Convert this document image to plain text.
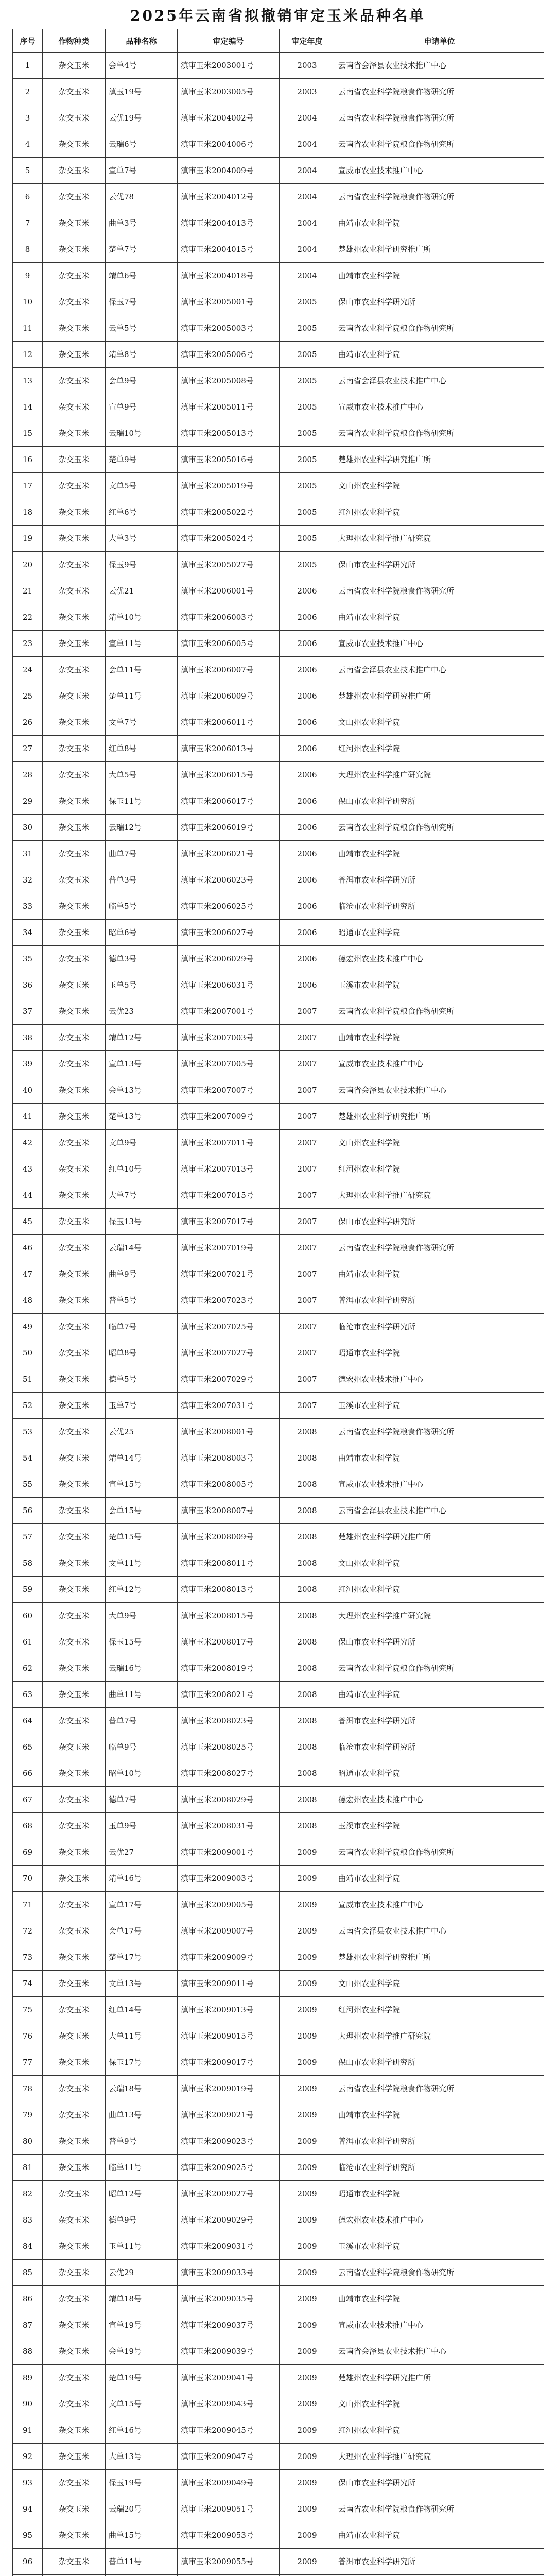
2025年云南省拟撤销审定玉米品种名单
序号	作物种类	品种名称	审定编号	审定年度	申请单位
1	杂交玉米	会单4号	滇审玉米2003001号	2003	云南省会泽县农业技术推广中心
2	杂交玉米	滇玉19号	滇审玉米2003005号	2003	云南省农业科学院粮食作物研究所
3	杂交玉米	云优19号	滇审玉米2004002号	2004	云南省农业科学院粮食作物研究所
4	杂交玉米	云瑞6号	滇审玉米2004006号	2004	云南省农业科学院粮食作物研究所
5	杂交玉米	宣单7号	滇审玉米2004009号	2004	宣威市农业技术推广中心
6	杂交玉米	云优78	滇审玉米2004012号	2004	云南省农业科学院粮食作物研究所
7	杂交玉米	曲单3号	滇审玉米2004013号	2004	曲靖市农业科学院
8	杂交玉米	楚单7号	滇审玉米2004015号	2004	楚雄州农业科学研究推广所
9	杂交玉米	靖单6号	滇审玉米2004018号	2004	曲靖市农业科学院
10	杂交玉米	保玉7号	滇审玉米2005001号	2005	保山市农业科学研究所
11	杂交玉米	云单5号	滇审玉米2005003号	2005	云南省农业科学院粮食作物研究所
12	杂交玉米	靖单8号	滇审玉米2005006号	2005	曲靖市农业科学院
13	杂交玉米	会单9号	滇审玉米2005008号	2005	云南省会泽县农业技术推广中心
14	杂交玉米	宣单9号	滇审玉米2005011号	2005	宣威市农业技术推广中心
15	杂交玉米	云瑞10号	滇审玉米2005013号	2005	云南省农业科学院粮食作物研究所
16	杂交玉米	楚单9号	滇审玉米2005016号	2005	楚雄州农业科学研究推广所
17	杂交玉米	文单5号	滇审玉米2005019号	2005	文山州农业科学院
18	杂交玉米	红单6号	滇审玉米2005022号	2005	红河州农业科学院
19	杂交玉米	大单3号	滇审玉米2005024号	2005	大理州农业科学推广研究院
20	杂交玉米	保玉9号	滇审玉米2005027号	2005	保山市农业科学研究所
21	杂交玉米	云优21	滇审玉米2006001号	2006	云南省农业科学院粮食作物研究所
22	杂交玉米	靖单10号	滇审玉米2006003号	2006	曲靖市农业科学院
23	杂交玉米	宣单11号	滇审玉米2006005号	2006	宣威市农业技术推广中心
24	杂交玉米	会单11号	滇审玉米2006007号	2006	云南省会泽县农业技术推广中心
25	杂交玉米	楚单11号	滇审玉米2006009号	2006	楚雄州农业科学研究推广所
26	杂交玉米	文单7号	滇审玉米2006011号	2006	文山州农业科学院
27	杂交玉米	红单8号	滇审玉米2006013号	2006	红河州农业科学院
28	杂交玉米	大单5号	滇审玉米2006015号	2006	大理州农业科学推广研究院
29	杂交玉米	保玉11号	滇审玉米2006017号	2006	保山市农业科学研究所
30	杂交玉米	云瑞12号	滇审玉米2006019号	2006	云南省农业科学院粮食作物研究所
31	杂交玉米	曲单7号	滇审玉米2006021号	2006	曲靖市农业科学院
32	杂交玉米	普单3号	滇审玉米2006023号	2006	普洱市农业科学研究所
33	杂交玉米	临单5号	滇审玉米2006025号	2006	临沧市农业科学研究所
34	杂交玉米	昭单6号	滇审玉米2006027号	2006	昭通市农业科学院
35	杂交玉米	德单3号	滇审玉米2006029号	2006	德宏州农业技术推广中心
36	杂交玉米	玉单5号	滇审玉米2006031号	2006	玉溪市农业科学院
37	杂交玉米	云优23	滇审玉米2007001号	2007	云南省农业科学院粮食作物研究所
38	杂交玉米	靖单12号	滇审玉米2007003号	2007	曲靖市农业科学院
39	杂交玉米	宣单13号	滇审玉米2007005号	2007	宣威市农业技术推广中心
40	杂交玉米	会单13号	滇审玉米2007007号	2007	云南省会泽县农业技术推广中心
41	杂交玉米	楚单13号	滇审玉米2007009号	2007	楚雄州农业科学研究推广所
42	杂交玉米	文单9号	滇审玉米2007011号	2007	文山州农业科学院
43	杂交玉米	红单10号	滇审玉米2007013号	2007	红河州农业科学院
44	杂交玉米	大单7号	滇审玉米2007015号	2007	大理州农业科学推广研究院
45	杂交玉米	保玉13号	滇审玉米2007017号	2007	保山市农业科学研究所
46	杂交玉米	云瑞14号	滇审玉米2007019号	2007	云南省农业科学院粮食作物研究所
47	杂交玉米	曲单9号	滇审玉米2007021号	2007	曲靖市农业科学院
48	杂交玉米	普单5号	滇审玉米2007023号	2007	普洱市农业科学研究所
49	杂交玉米	临单7号	滇审玉米2007025号	2007	临沧市农业科学研究所
50	杂交玉米	昭单8号	滇审玉米2007027号	2007	昭通市农业科学院
51	杂交玉米	德单5号	滇审玉米2007029号	2007	德宏州农业技术推广中心
52	杂交玉米	玉单7号	滇审玉米2007031号	2007	玉溪市农业科学院
53	杂交玉米	云优25	滇审玉米2008001号	2008	云南省农业科学院粮食作物研究所
54	杂交玉米	靖单14号	滇审玉米2008003号	2008	曲靖市农业科学院
55	杂交玉米	宣单15号	滇审玉米2008005号	2008	宣威市农业技术推广中心
56	杂交玉米	会单15号	滇审玉米2008007号	2008	云南省会泽县农业技术推广中心
57	杂交玉米	楚单15号	滇审玉米2008009号	2008	楚雄州农业科学研究推广所
58	杂交玉米	文单11号	滇审玉米2008011号	2008	文山州农业科学院
59	杂交玉米	红单12号	滇审玉米2008013号	2008	红河州农业科学院
60	杂交玉米	大单9号	滇审玉米2008015号	2008	大理州农业科学推广研究院
61	杂交玉米	保玉15号	滇审玉米2008017号	2008	保山市农业科学研究所
62	杂交玉米	云瑞16号	滇审玉米2008019号	2008	云南省农业科学院粮食作物研究所
63	杂交玉米	曲单11号	滇审玉米2008021号	2008	曲靖市农业科学院
64	杂交玉米	普单7号	滇审玉米2008023号	2008	普洱市农业科学研究所
65	杂交玉米	临单9号	滇审玉米2008025号	2008	临沧市农业科学研究所
66	杂交玉米	昭单10号	滇审玉米2008027号	2008	昭通市农业科学院
67	杂交玉米	德单7号	滇审玉米2008029号	2008	德宏州农业技术推广中心
68	杂交玉米	玉单9号	滇审玉米2008031号	2008	玉溪市农业科学院
69	杂交玉米	云优27	滇审玉米2009001号	2009	云南省农业科学院粮食作物研究所
70	杂交玉米	靖单16号	滇审玉米2009003号	2009	曲靖市农业科学院
71	杂交玉米	宣单17号	滇审玉米2009005号	2009	宣威市农业技术推广中心
72	杂交玉米	会单17号	滇审玉米2009007号	2009	云南省会泽县农业技术推广中心
73	杂交玉米	楚单17号	滇审玉米2009009号	2009	楚雄州农业科学研究推广所
74	杂交玉米	文单13号	滇审玉米2009011号	2009	文山州农业科学院
75	杂交玉米	红单14号	滇审玉米2009013号	2009	红河州农业科学院
76	杂交玉米	大单11号	滇审玉米2009015号	2009	大理州农业科学推广研究院
77	杂交玉米	保玉17号	滇审玉米2009017号	2009	保山市农业科学研究所
78	杂交玉米	云瑞18号	滇审玉米2009019号	2009	云南省农业科学院粮食作物研究所
79	杂交玉米	曲单13号	滇审玉米2009021号	2009	曲靖市农业科学院
80	杂交玉米	普单9号	滇审玉米2009023号	2009	普洱市农业科学研究所
81	杂交玉米	临单11号	滇审玉米2009025号	2009	临沧市农业科学研究所
82	杂交玉米	昭单12号	滇审玉米2009027号	2009	昭通市农业科学院
83	杂交玉米	德单9号	滇审玉米2009029号	2009	德宏州农业技术推广中心
84	杂交玉米	玉单11号	滇审玉米2009031号	2009	玉溪市农业科学院
85	杂交玉米	云优29	滇审玉米2009033号	2009	云南省农业科学院粮食作物研究所
86	杂交玉米	靖单18号	滇审玉米2009035号	2009	曲靖市农业科学院
87	杂交玉米	宣单19号	滇审玉米2009037号	2009	宣威市农业技术推广中心
88	杂交玉米	会单19号	滇审玉米2009039号	2009	云南省会泽县农业技术推广中心
89	杂交玉米	楚单19号	滇审玉米2009041号	2009	楚雄州农业科学研究推广所
90	杂交玉米	文单15号	滇审玉米2009043号	2009	文山州农业科学院
91	杂交玉米	红单16号	滇审玉米2009045号	2009	红河州农业科学院
92	杂交玉米	大单13号	滇审玉米2009047号	2009	大理州农业科学推广研究院
93	杂交玉米	保玉19号	滇审玉米2009049号	2009	保山市农业科学研究所
94	杂交玉米	云瑞20号	滇审玉米2009051号	2009	云南省农业科学院粮食作物研究所
95	杂交玉米	曲单15号	滇审玉米2009053号	2009	曲靖市农业科学院
96	杂交玉米	普单11号	滇审玉米2009055号	2009	普洱市农业科学研究所
